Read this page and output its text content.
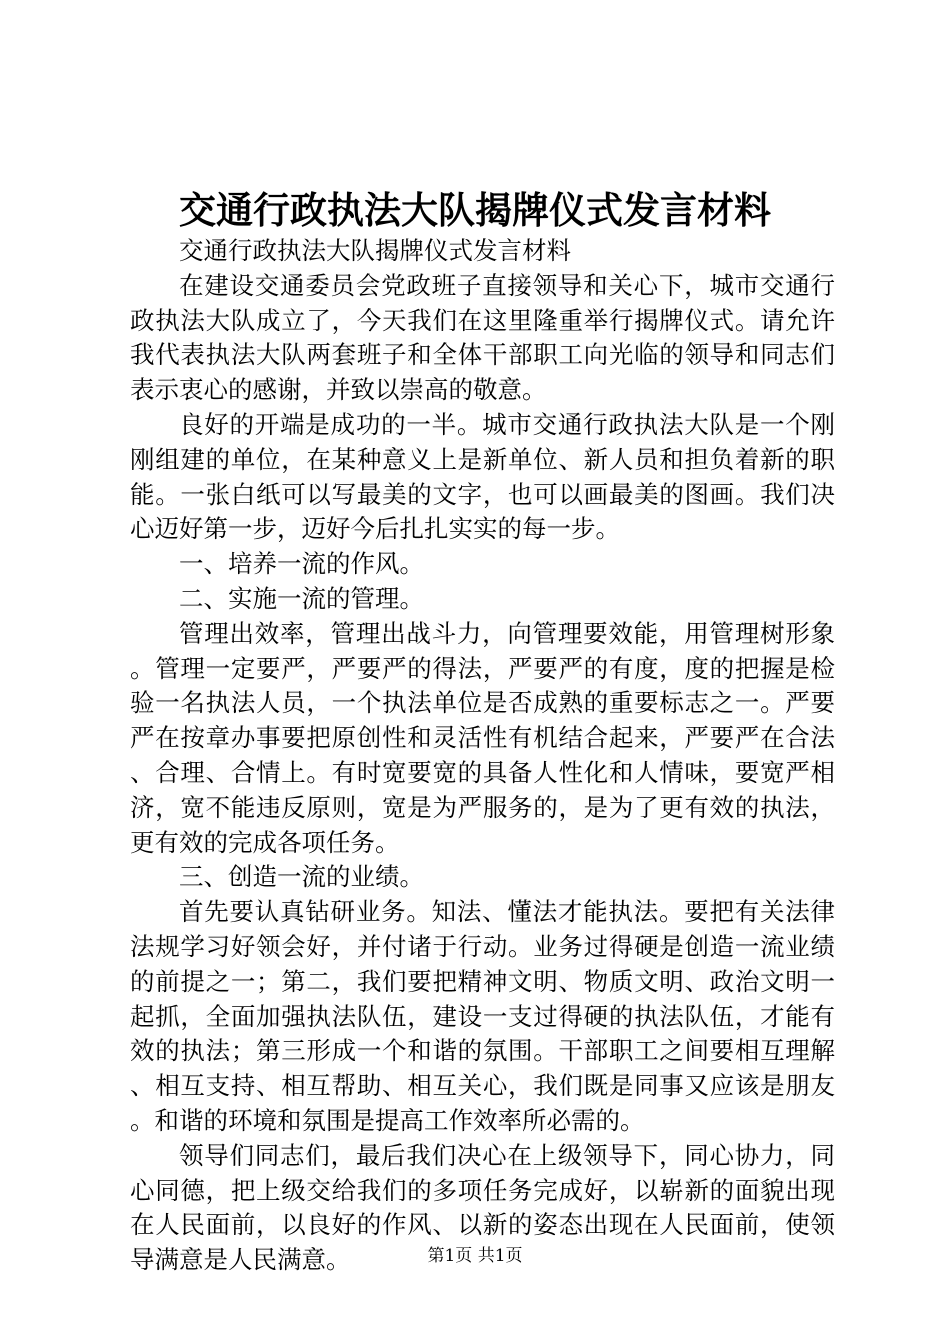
交通行政执法大队揭牌仪式发言材料

交通行政执法大队揭牌仪式发言材料

在建设交通委员会党政班子直接领导和关心下，城市交通行政执法大队成立了，今天我们在这里隆重举行揭牌仪式。请允许我代表执法大队两套班子和全体干部职工向光临的领导和同志们表示衷心的感谢，并致以崇高的敬意。

良好的开端是成功的一半。城市交通行政执法大队是一个刚刚组建的单位，在某种意义上是新单位、新人员和担负着新的职能。一张白纸可以写最美的文字，也可以画最美的图画。我们决心迈好第一步，迈好今后扎扎实实的每一步。

一、培养一流的作风。

二、实施一流的管理。

管理出效率，管理出战斗力，向管理要效能，用管理树形象。管理一定要严，严要严的得法，严要严的有度，度的把握是检验一名执法人员，一个执法单位是否成熟的重要标志之一。严要严在按章办事要把原创性和灵活性有机结合起来，严要严在合法、合理、合情上。有时宽要宽的具备人性化和人情味，要宽严相济，宽不能违反原则，宽是为严服务的，是为了更有效的执法，更有效的完成各项任务。

三、创造一流的业绩。

首先要认真钻研业务。知法、懂法才能执法。要把有关法律法规学习好领会好，并付诸于行动。业务过得硬是创造一流业绩的前提之一；第二，我们要把精神文明、物质文明、政治文明一起抓，全面加强执法队伍，建设一支过得硬的执法队伍，才能有效的执法；第三形成一个和谐的氛围。干部职工之间要相互理解、相互支持、相互帮助、相互关心，我们既是同事又应该是朋友。和谐的环境和氛围是提高工作效率所必需的。

领导们同志们，最后我们决心在上级领导下，同心协力，同心同德，把上级交给我们的多项任务完成好，以崭新的面貌出现在人民面前，以良好的作风、以新的姿态出现在人民面前，使领导满意是人民满意。	第1页 共1页
